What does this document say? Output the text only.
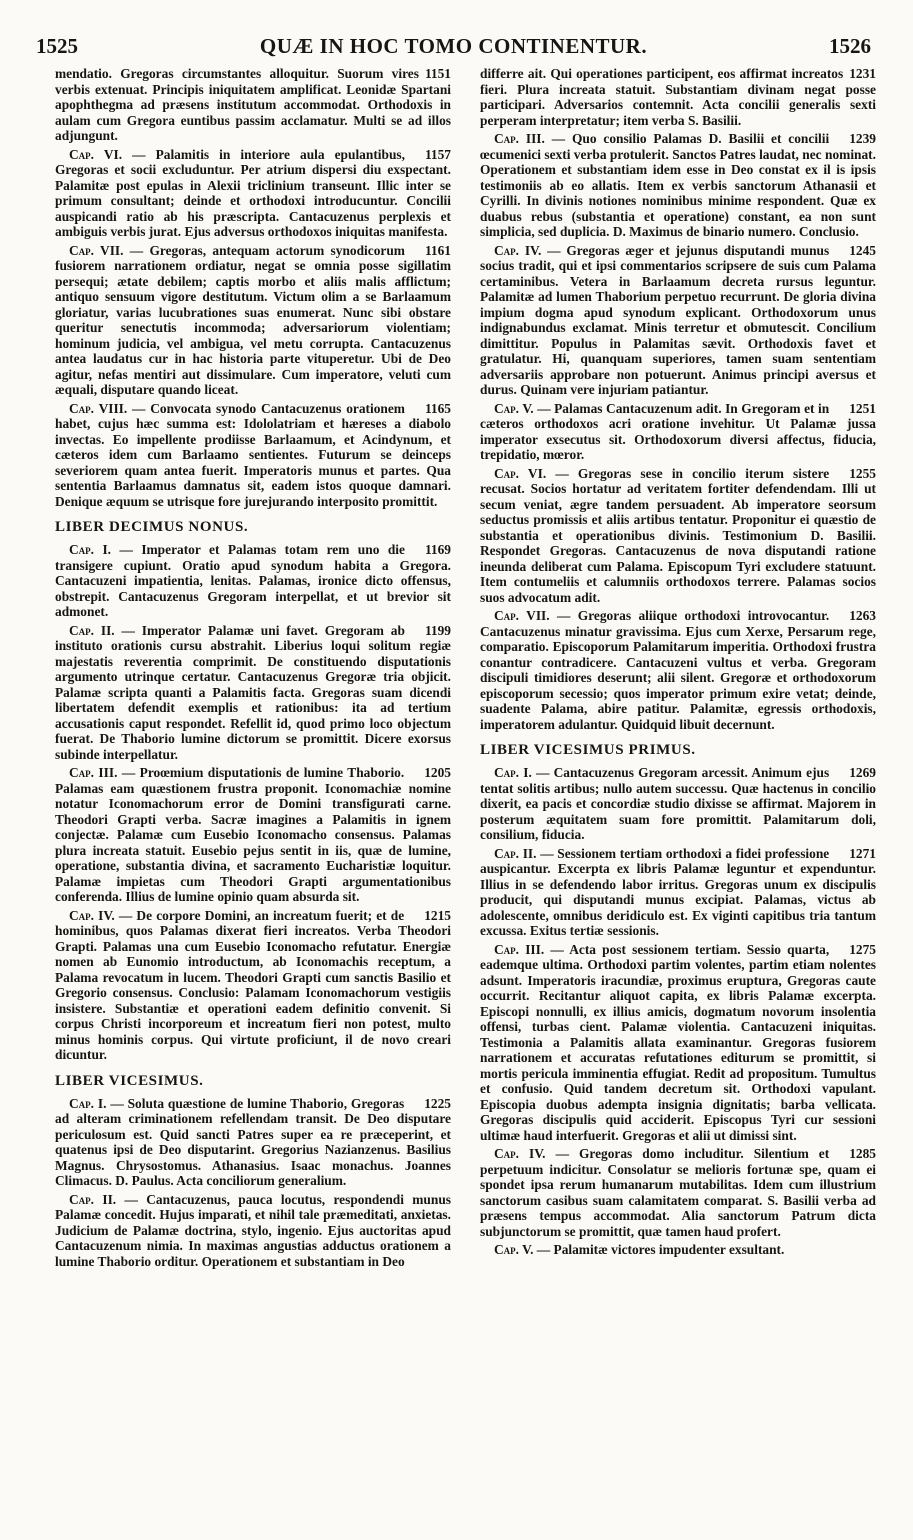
1525	QUÆ IN HOC TOMO CONTINENTUR.	1526

1151
mendatio. Gregoras circumstantes alloquitur. Suorum vires verbis extenuat. Principis iniquitatem amplificat. Leonidæ Spartani apophthegma ad præsens institutum accommodat. Orthodoxis in aulam cum Gregora euntibus passim acclamatur. Multi se ad illos adjungunt.

1157
Cap. VI. — Palamitis in interiore aula epulantibus, Gregoras et socii excluduntur. Per atrium dispersi diu exspectant. Palamitæ post epulas in Alexii triclinium transeunt. Illic inter se primum consultant; deinde et orthodoxi introducuntur. Concilii auspicandi ratio ab his præscripta. Cantacuzenus perplexis et ambiguis verbis jurat. Ejus adversus orthodoxos iniquitas manifesta.

1161
Cap. VII. — Gregoras, antequam actorum synodicorum fusiorem narrationem ordiatur, negat se omnia posse sigillatim persequi; ætate debilem; captis morbo et aliis malis afflictum; antiquo sensuum vigore destitutum. Victum olim a se Barlaamum gloriatur, varias lucubrationes suas enumerat. Nunc sibi obstare queritur senectutis incommoda; adversariorum violentiam; hominum judicia, vel ambigua, vel metu corrupta. Cantacuzenus antea laudatus cur in hac historia parte vituperetur. Ubi de Deo agitur, nefas mentiri aut dissimulare. Cum imperatore, veluti cum æquali, disputare quando liceat.

1165
Cap. VIII. — Convocata synodo Cantacuzenus orationem habet, cujus hæc summa est: Idololatriam et hæreses a diabolo invectas. Eo impellente prodiisse Barlaamum, et Acindynum, et cæteros idem cum Barlaamo sentientes. Futurum se deinceps severiorem quam antea fuerit. Imperatoris munus et partes. Qua sententia Barlaamus damnatus sit, eadem istos quoque damnari. Denique æquum se utrisque fore jurejurando interposito promittit.

LIBER DECIMUS NONUS.

1169
Cap. I. — Imperator et Palamas totam rem uno die transigere cupiunt. Oratio apud synodum habita a Gregora. Cantacuzeni impatientia, lenitas. Palamas, ironice dicto offensus, obstrepit. Cantacuzenus Gregoram interpellat, et ut brevior sit admonet.

1199
Cap. II. — Imperator Palamæ uni favet. Gregoram ab instituto orationis cursu abstrahit. Liberius loqui solitum regiæ majestatis reverentia comprimit. De constituendo disputationis argumento utrinque certatur. Cantacuzenus Gregoræ tria objicit. Palamæ scripta quanti a Palamitis facta. Gregoras suam dicendi libertatem defendit exemplis et rationibus: ita ad tertium accusationis caput respondet. Refellit id, quod primo loco objectum fuerat. De Thaborio lumine dictorum se promittit. Dicere exorsus subinde interpellatur.

1205
Cap. III. — Proœmium disputationis de lumine Thaborio. Palamas eam quæstionem frustra proponit. Iconomachiæ nomine notatur Iconomachorum error de Domini transfigurati carne. Theodori Grapti verba. Sacræ imagines a Palamitis in ignem conjectæ. Palamæ cum Eusebio Iconomacho consensus. Palamas plura increata statuit. Eusebio pejus sentit in iis, quæ de lumine, operatione, substantia divina, et sacramento Eucharistiæ loquitur. Palamæ impietas cum Theodori Grapti argumentationibus conferenda. Illius de lumine opinio quam absurda sit.

1215
Cap. IV. — De corpore Domini, an increatum fuerit; et de hominibus, quos Palamas dixerat fieri increatos. Verba Theodori Grapti. Palamas una cum Eusebio Iconomacho refutatur. Energiæ nomen ab Eunomio introductum, ab Iconomachis receptum, a Palama revocatum in lucem. Theodori Grapti cum sanctis Basilio et Gregorio consensus. Conclusio: Palamam Iconomachorum vestigiis insistere. Substantiæ et operationi eadem definitio convenit. Si corpus Christi incorporeum et increatum fieri non potest, multo minus hominis corpus. Qui virtute proficiunt, il de novo creari dicuntur.

LIBER VICESIMUS.

1225
Cap. I. — Soluta quæstione de lumine Thaborio, Gregoras ad alteram criminationem refellendam transit. De Deo disputare periculosum est. Quid sancti Patres super ea re præceperint, et quatenus ipsi de Deo disputarint. Gregorius Nazianzenus. Basilius Magnus. Chrysostomus. Athanasius. Isaac monachus. Joannes Climacus. D. Paulus. Acta conciliorum generalium.

Cap. II. — Cantacuzenus, pauca locutus, respondendi munus Palamæ concedit. Hujus imparati, et nihil tale præmeditati, anxietas. Judicium de Palamæ doctrina, stylo, ingenio. Ejus auctoritas apud Cantacuzenum nimia. In maximas angustias adductus orationem a lumine Thaborio orditur. Operationem et substantiam in Deo

1231
differre ait. Qui operationes participent, eos affirmat increatos fieri. Plura increata statuit. Substantiam divinam negat posse participari. Adversarios contemnit. Acta concilii generalis sexti perperam interpretatur; item verba S. Basilii.

1239
Cap. III. — Quo consilio Palamas D. Basilii et concilii œcumenici sexti verba protulerit. Sanctos Patres laudat, nec nominat. Operationem et substantiam idem esse in Deo constat ex il is ipsis testimoniis ab eo allatis. Item ex verbis sanctorum Athanasii et Cyrilli. In divinis notiones nominibus minime respondent. Quæ ex duabus rebus (substantia et operatione) constant, ea non sunt simplicia, sed duplicia. D. Maximus de binario numero. Conclusio.

1245
Cap. IV. — Gregoras æger et jejunus disputandi munus socius tradit, qui et ipsi commentarios scripsere de suis cum Palama certaminibus. Vetera in Barlaamum decreta rursus leguntur. Palamitæ ad lumen Thaborium perpetuo recurrunt. De gloria divina impium dogma apud synodum explicant. Orthodoxorum unus indignabundus exclamat. Minis terretur et obmutescit. Concilium dimittitur. Populus in Palamitas sævit. Orthodoxis favet et gratulatur. Hi, quanquam superiores, tamen suam sententiam adversariis approbare non potuerunt. Animus principi aversus et durus. Quinam vere injuriam patiantur.

1251
Cap. V. — Palamas Cantacuzenum adit. In Gregoram et in cæteros orthodoxos acri oratione invehitur. Ut Palamæ jussa imperator exsecutus sit. Orthodoxorum diversi affectus, fiducia, trepidatio, mœror.

1255
Cap. VI. — Gregoras sese in concilio iterum sistere recusat. Socios hortatur ad veritatem fortiter defendendam. Illi ut secum veniat, ægre tandem persuadent. Ab imperatore seorsum seductus promissis et aliis artibus tentatur. Proponitur ei quæstio de substantia et operationibus divinis. Testimonium D. Basilii. Respondet Gregoras. Cantacuzenus de nova disputandi ratione ineunda deliberat cum Palama. Episcopum Tyri excludere statuunt. Item contumeliis et calumniis orthodoxos terrere. Palamas socios suos advocatum adit.

1263
Cap. VII. — Gregoras aliique orthodoxi introvocantur. Cantacuzenus minatur gravissima. Ejus cum Xerxe, Persarum rege, comparatio. Episcoporum Palamitarum imperitia. Orthodoxi frustra conantur contradicere. Cantacuzeni vultus et verba. Gregoram discipuli timidiores deserunt; alii silent. Gregoræ et orthodoxorum episcoporum secessio; quos imperator primum exire vetat; deinde, suadente Palama, abire patitur. Palamitæ, egressis orthodoxis, imperatorem adulantur. Quidquid libuit decernunt.

LIBER VICESIMUS PRIMUS.

1269
Cap. I. — Cantacuzenus Gregoram arcessit. Animum ejus tentat solitis artibus; nullo autem successu. Quæ hactenus in concilio dixerit, ea pacis et concordiæ studio dixisse se affirmat. Majorem in posterum æquitatem suam fore promittit. Palamitarum doli, consilium, fiducia.

1271
Cap. II. — Sessionem tertiam orthodoxi a fidei professione auspicantur. Excerpta ex libris Palamæ leguntur et expenduntur. Illius in se defendendo labor irritus. Gregoras unum ex discipulis producit, qui disputandi munus excipiat. Palamas, victus ab adolescente, omnibus deridiculo est. Ex viginti capitibus tria tantum excussa. Exitus tertiæ sessionis.

1275
Cap. III. — Acta post sessionem tertiam. Sessio quarta, eademque ultima. Orthodoxi partim volentes, partim etiam nolentes adsunt. Imperatoris iracundiæ, proximus eruptura, Gregoras caute occurrit. Recitantur aliquot capita, ex libris Palamæ excerpta. Episcopi nonnulli, ex illius amicis, dogmatum novorum insolentia offensi, turbas cient. Palamæ violentia. Cantacuzeni iniquitas. Testimonia a Palamitis allata examinantur. Gregoras fusiorem narrationem et accuratas refutationes editurum se promittit, si mortis pericula imminentia effugiat. Redit ad propositum. Tumultus et confusio. Quid tandem decretum sit. Orthodoxi vapulant. Episcopia duobus adempta insignia dignitatis; barba vellicata. Gregoras discipulis quid acciderit. Episcopus Tyri cur sessioni ultimæ haud interfuerit. Gregoras et alii ut dimissi sint.

1285
Cap. IV. — Gregoras domo includitur. Silentium et perpetuum indicitur. Consolatur se melioris fortunæ spe, quam ei spondet ipsa rerum humanarum mutabilitas. Idem cum illustrium sanctorum casibus suam calamitatem comparat. S. Basilii verba ad præsens tempus accommodat. Alia sanctorum Patrum dicta subjunctorum se promittit, quæ tamen haud profert.

Cap. V. — Palamitæ victores impudenter exsultant.
